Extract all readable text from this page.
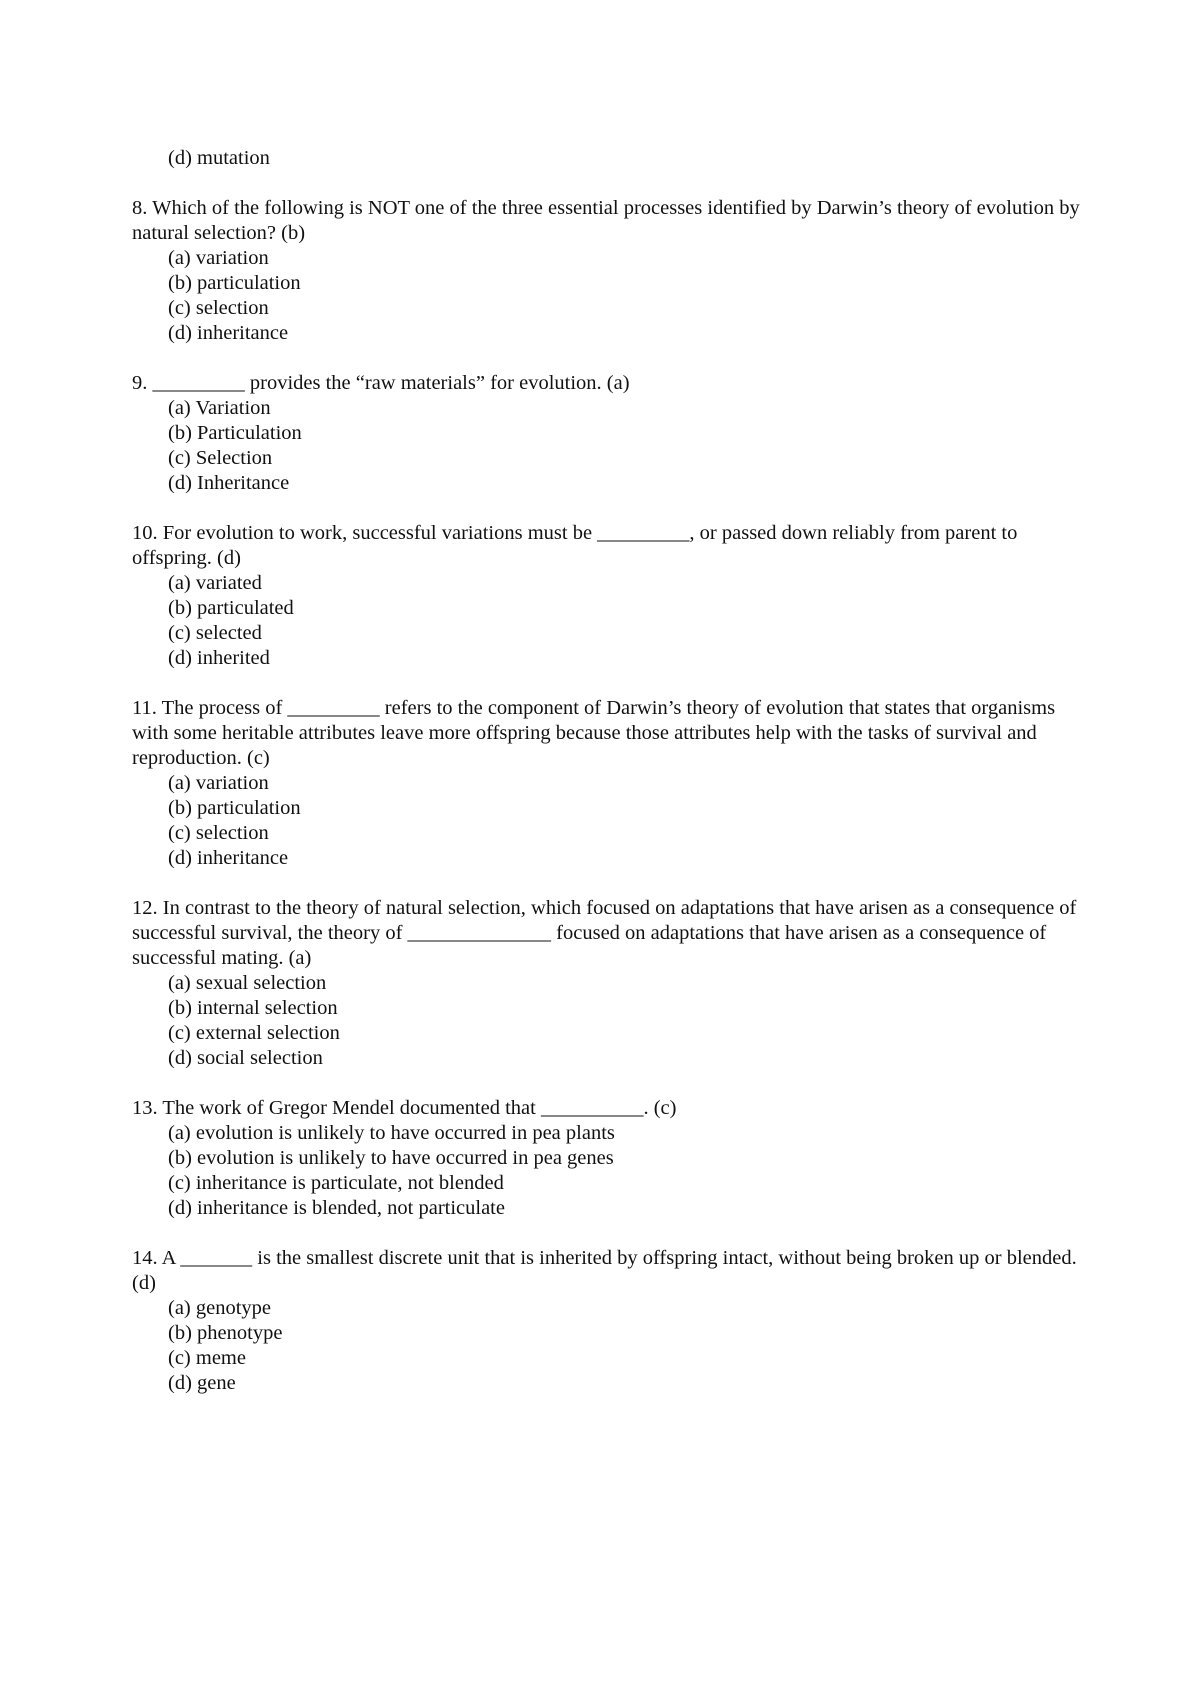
(d) mutation

8. Which of the following is NOT one of the three essential processes identified by Darwin’s theory of evolution by natural selection? (b)

(a) variation
(b) particulation
(c) selection
(d) inheritance

9. _________ provides the “raw materials” for evolution. (a)

(a) Variation
(b) Particulation
(c) Selection
(d) Inheritance

10. For evolution to work, successful variations must be _________, or passed down reliably from parent to offspring. (d)

(a) variated
(b) particulated
(c) selected
(d) inherited

11. The process of _________ refers to the component of Darwin’s theory of evolution that states that organisms with some heritable attributes leave more offspring because those attributes help with the tasks of survival and reproduction. (c)

(a) variation
(b) particulation
(c) selection
(d) inheritance

12. In contrast to the theory of natural selection, which focused on adaptations that have arisen as a consequence of successful survival, the theory of ______________ focused on adaptations that have arisen as a consequence of successful mating. (a)

(a) sexual selection
(b) internal selection
(c) external selection
(d) social selection

13. The work of Gregor Mendel documented that __________. (c)

(a) evolution is unlikely to have occurred in pea plants
(b) evolution is unlikely to have occurred in pea genes
(c) inheritance is particulate, not blended
(d) inheritance is blended, not particulate

14. A _______ is the smallest discrete unit that is inherited by offspring intact, without being broken up or blended. (d)

(a) genotype
(b) phenotype
(c) meme
(d) gene
